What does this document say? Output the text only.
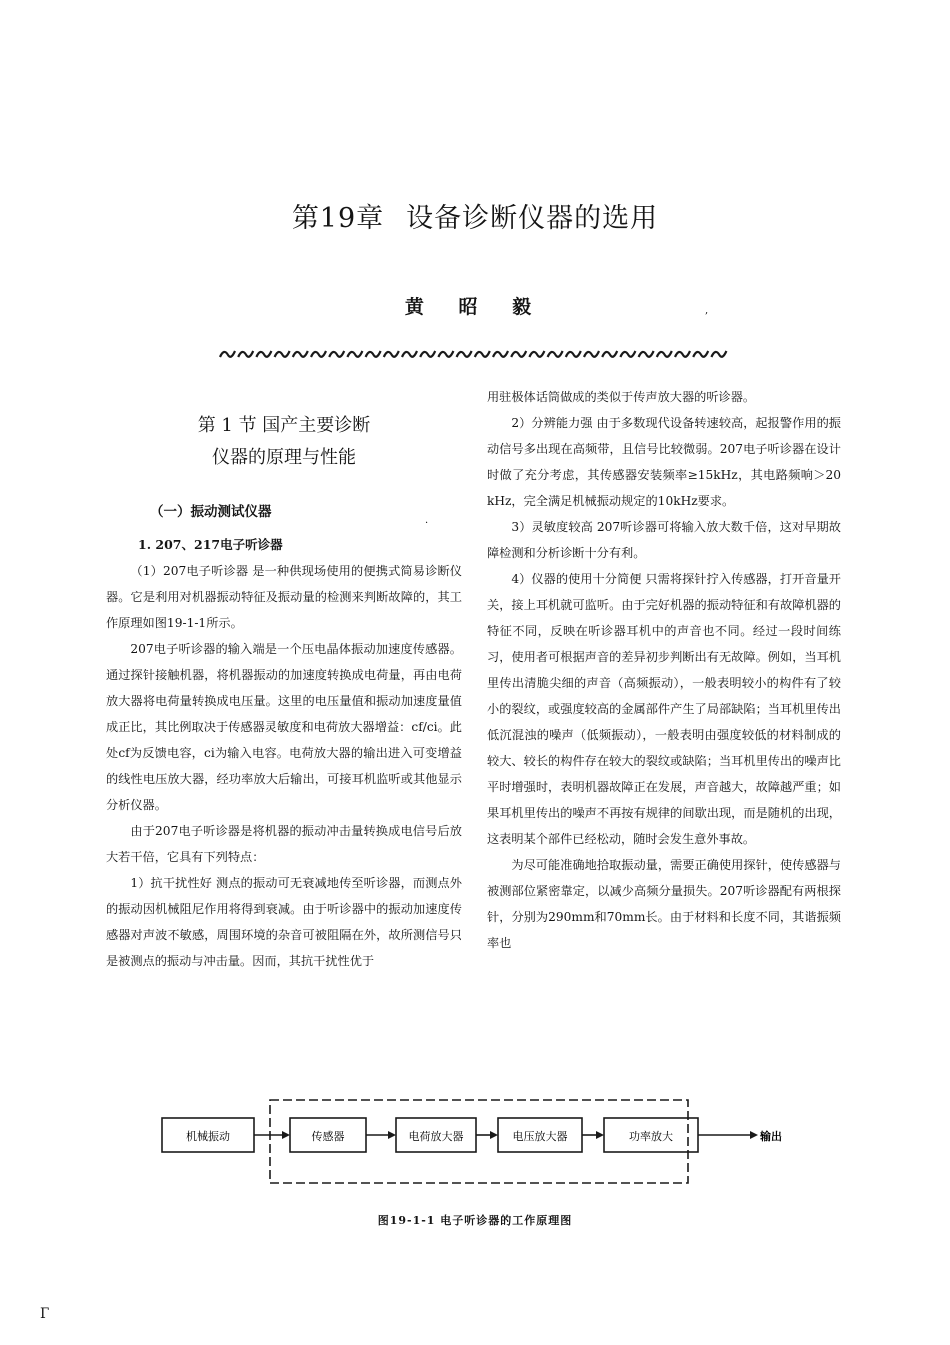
第19章 设备诊断仪器的选用
黄 昭 毅
第 1 节 国产主要诊断
仪器的原理与性能
（一）振动测试仪器
1. 207、217电子听诊器

（1）207电子听诊器 是一种供现场使用的便携式简易诊断仪器。它是利用对机器振动特征及振动量的检测来判断故障的，其工作原理如图19-1-1所示。

207电子听诊器的输入端是一个压电晶体振动加速度传感器。通过探针接触机器，将机器振动的加速度转换成电荷量，再由电荷放大器将电荷量转换成电压量。这里的电压量值和振动加速度量值成正比，其比例取决于传感器灵敏度和电荷放大器增益：cf/ci。此处cf为反馈电容，ci为输入电容。电荷放大器的输出进入可变增益的线性电压放大器，经功率放大后输出，可接耳机监听或其他显示分析仪器。

由于207电子听诊器是将机器的振动冲击量转换成电信号后放大若干倍，它具有下列特点：

1）抗干扰性好 测点的振动可无衰减地传至听诊器，而测点外的振动因机械阻尼作用将得到衰减。由于听诊器中的振动加速度传感器对声波不敏感，周围环境的杂音可被阻隔在外，故所测信号只是被测点的振动与冲击量。因而，其抗干扰性优于

用驻极体话筒做成的类似于传声放大器的听诊器。

2）分辨能力强 由于多数现代设备转速较高，起报警作用的振动信号多出现在高频带，且信号比较微弱。207电子听诊器在设计时做了充分考虑，其传感器安装频率≥15kHz，其电路频响＞20 kHz，完全满足机械振动规定的10kHz要求。

3）灵敏度较高 207听诊器可将输入放大数千倍，这对早期故障检测和分析诊断十分有利。

4）仪器的使用十分简便 只需将探针拧入传感器，打开音量开关，接上耳机就可监听。由于完好机器的振动特征和有故障机器的特征不同，反映在听诊器耳机中的声音也不同。经过一段时间练习，使用者可根据声音的差异初步判断出有无故障。例如，当耳机里传出清脆尖细的声音（高频振动），一般表明较小的构件有了较小的裂纹，或强度较高的金属部件产生了局部缺陷；当耳机里传出低沉混浊的噪声（低频振动），一般表明由强度较低的材料制成的较大、较长的构件存在较大的裂纹或缺陷；当耳机里传出的噪声比平时增强时，表明机器故障正在发展，声音越大，故障越严重；如果耳机里传出的噪声不再按有规律的间歇出现，而是随机的出现，这表明某个部件已经松动，随时会发生意外事故。

为尽可能准确地拾取振动量，需要正确使用探针，使传感器与被测部位紧密靠定，以减少高频分量损失。207听诊器配有两根探针，分别为290mm和70mm长。由于材料和长度不同，其谐振频率也

机械振动	传感器	电荷放大器	电压放大器	功率放大	输出
图19-1-1 电子听诊器的工作原理图
Г
,
·
